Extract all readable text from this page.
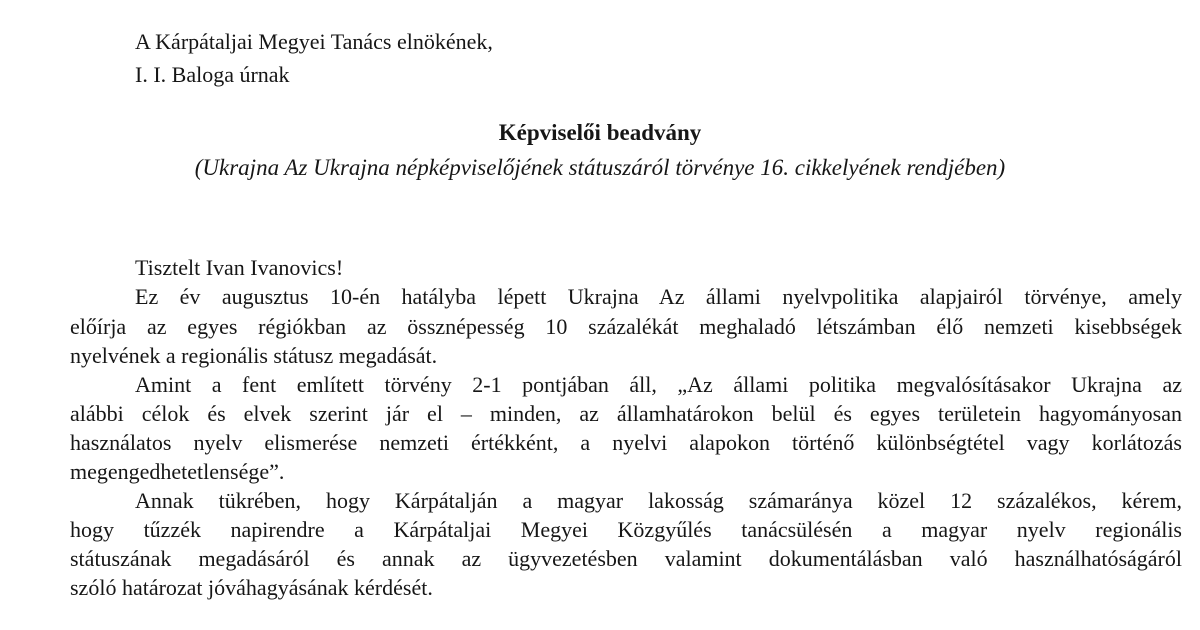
A Kárpátaljai Megyei Tanács elnökének,
I. I. Baloga úrnak
Képviselői beadvány
(Ukrajna Az Ukrajna népképviselőjének státuszáról törvénye 16. cikkelyének rendjében)
Tisztelt Ivan Ivanovics!
Ez év augusztus 10-én hatályba lépett Ukrajna Az állami nyelvpolitika alapjairól törvénye, amely
előírja az egyes régiókban az össznépesség 10 százalékát meghaladó létszámban élő nemzeti kisebbségek
nyelvének a regionális státusz megadását.
Amint a fent említett törvény 2-1 pontjában áll, „Az állami politika megvalósításakor Ukrajna az
alábbi célok és elvek szerint jár el – minden, az államhatárokon belül és egyes területein hagyományosan
használatos nyelv elismerése nemzeti értékként, a nyelvi alapokon történő különbségtétel vagy korlátozás
megengedhetetlensége”.
Annak tükrében, hogy Kárpátalján a magyar lakosság számaránya közel 12 százalékos, kérem,
hogy tűzzék napirendre a Kárpátaljai Megyei Közgyűlés tanácsülésén a magyar nyelv regionális
státuszának megadásáról és annak az ügyvezetésben valamint dokumentálásban való használhatóságáról
szóló határozat jóváhagyásának kérdését.
